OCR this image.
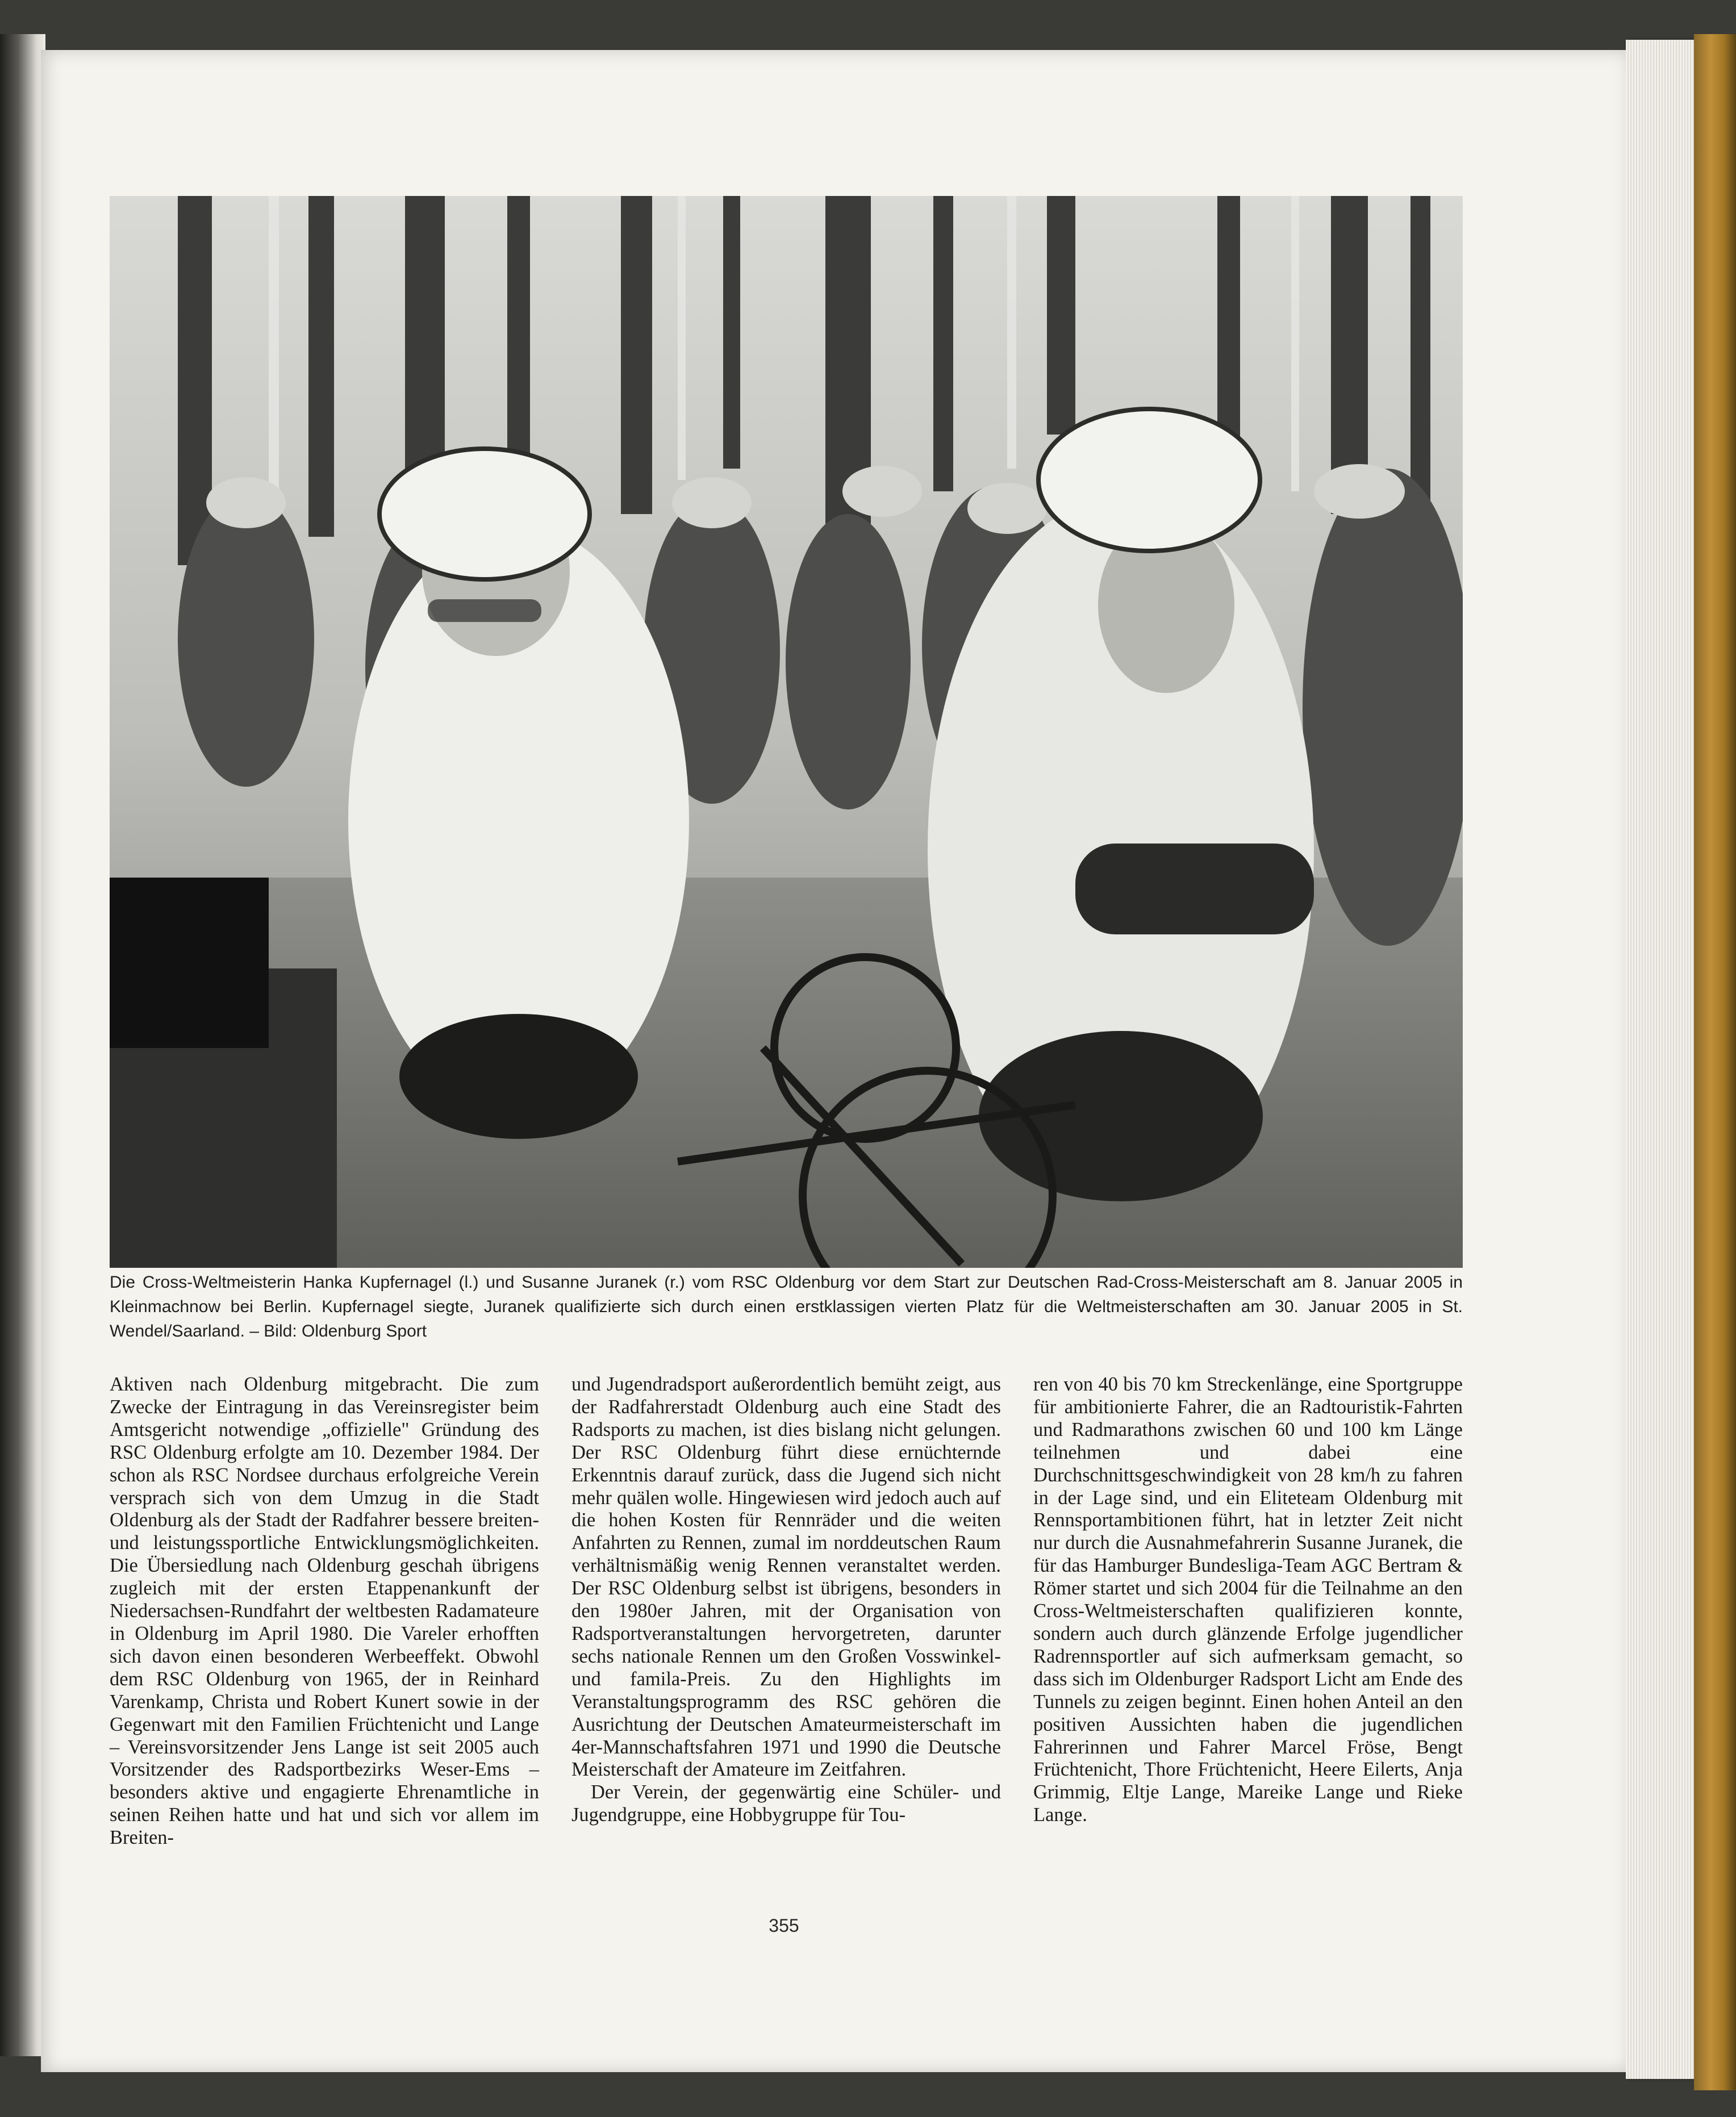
Die Cross-Weltmeisterin Hanka Kupfernagel (l.) und Susanne Juranek (r.) vom RSC Oldenburg vor dem Start zur Deutschen Rad-Cross-Meisterschaft am 8. Januar 2005 in Kleinmachnow bei Berlin. Kupfernagel siegte, Juranek qualifizierte sich durch einen erstklassigen vierten Platz für die Weltmeisterschaften am 30. Januar 2005 in St. Wendel/Saarland. – Bild: Oldenburg Sport

Aktiven nach Oldenburg mitgebracht. Die zum Zwecke der Eintragung in das Vereinsregister beim Amtsgericht notwendige „offizielle" Gründung des RSC Oldenburg erfolgte am 10. Dezember 1984. Der schon als RSC Nordsee durchaus erfolgreiche Verein versprach sich von dem Umzug in die Stadt Oldenburg als der Stadt der Radfahrer bessere breiten- und leistungssportliche Entwicklungsmöglichkeiten. Die Übersiedlung nach Oldenburg geschah übrigens zugleich mit der ersten Etappenankunft der Niedersachsen-Rundfahrt der weltbesten Radamateure in Oldenburg im April 1980. Die Vareler erhofften sich davon einen besonderen Werbeeffekt. Obwohl dem RSC Oldenburg von 1965, der in Reinhard Varenkamp, Christa und Robert Kunert sowie in der Gegenwart mit den Familien Früchtenicht und Lange – Vereinsvorsitzender Jens Lange ist seit 2005 auch Vorsitzender des Radsportbezirks Weser-Ems – besonders aktive und engagierte Ehrenamtliche in seinen Reihen hatte und hat und sich vor allem im Breiten-

und Jugendradsport außerordentlich bemüht zeigt, aus der Radfahrerstadt Oldenburg auch eine Stadt des Radsports zu machen, ist dies bislang nicht gelungen. Der RSC Oldenburg führt diese ernüchternde Erkenntnis darauf zurück, dass die Jugend sich nicht mehr quälen wolle. Hingewiesen wird jedoch auch auf die hohen Kosten für Rennräder und die weiten Anfahrten zu Rennen, zumal im norddeutschen Raum verhältnismäßig wenig Rennen veranstaltet werden. Der RSC Oldenburg selbst ist übrigens, besonders in den 1980er Jahren, mit der Organisation von Radsportveranstaltungen hervorgetreten, darunter sechs nationale Rennen um den Großen Vosswinkel- und famila-Preis. Zu den Highlights im Veranstaltungsprogramm des RSC gehören die Ausrichtung der Deutschen Amateurmeisterschaft im 4er-Mannschaftsfahren 1971 und 1990 die Deutsche Meisterschaft der Amateure im Zeitfahren.

Der Verein, der gegenwärtig eine Schüler- und Jugendgruppe, eine Hobbygruppe für Tou-

ren von 40 bis 70 km Streckenlänge, eine Sportgruppe für ambitionierte Fahrer, die an Radtouristik-Fahrten und Radmarathons zwischen 60 und 100 km Länge teilnehmen und dabei eine Durchschnittsgeschwindigkeit von 28 km/h zu fahren in der Lage sind, und ein Eliteteam Oldenburg mit Rennsportambitionen führt, hat in letzter Zeit nicht nur durch die Ausnahmefahrerin Susanne Juranek, die für das Hamburger Bundesliga-Team AGC Bertram & Römer startet und sich 2004 für die Teilnahme an den Cross-Weltmeisterschaften qualifizieren konnte, sondern auch durch glänzende Erfolge jugendlicher Radrennsportler auf sich aufmerksam gemacht, so dass sich im Oldenburger Radsport Licht am Ende des Tunnels zu zeigen beginnt. Einen hohen Anteil an den positiven Aussichten haben die jugendlichen Fahrerinnen und Fahrer Marcel Fröse, Bengt Früchtenicht, Thore Früchtenicht, Heere Eilerts, Anja Grimmig, Eltje Lange, Mareike Lange und Rieke Lange.

355
